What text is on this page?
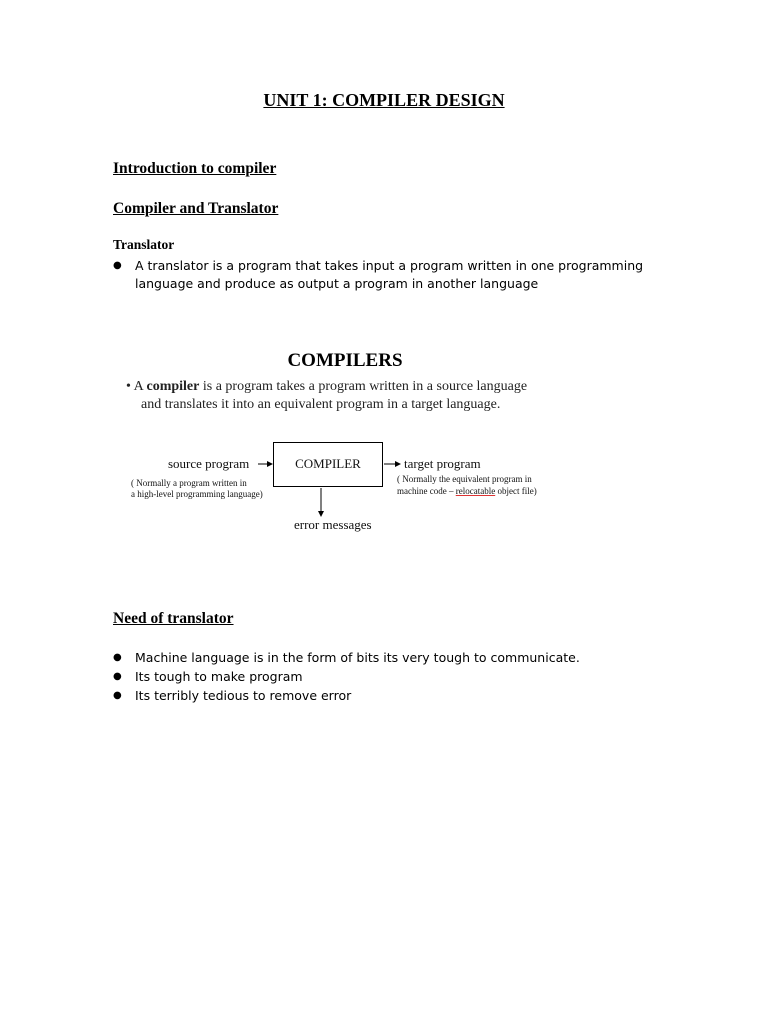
UNIT 1: COMPILER DESIGN
Introduction to compiler
Compiler and Translator
Translator
● A translator is a program that takes input a program written in one programming
language and produce as output a program in another language
COMPILERS
• A compiler is a program takes a program written in a source language
and translates it into an equivalent program in a target language.
COMPILER
source program
( Normally a program written in
a high-level programming language)
target program
( Normally the equivalent program in
machine code – relocatable object file)
error messages
Need of translator
● Machine language is in the form of bits its very tough to communicate.
● Its tough to make program
● Its terribly tedious to remove error
